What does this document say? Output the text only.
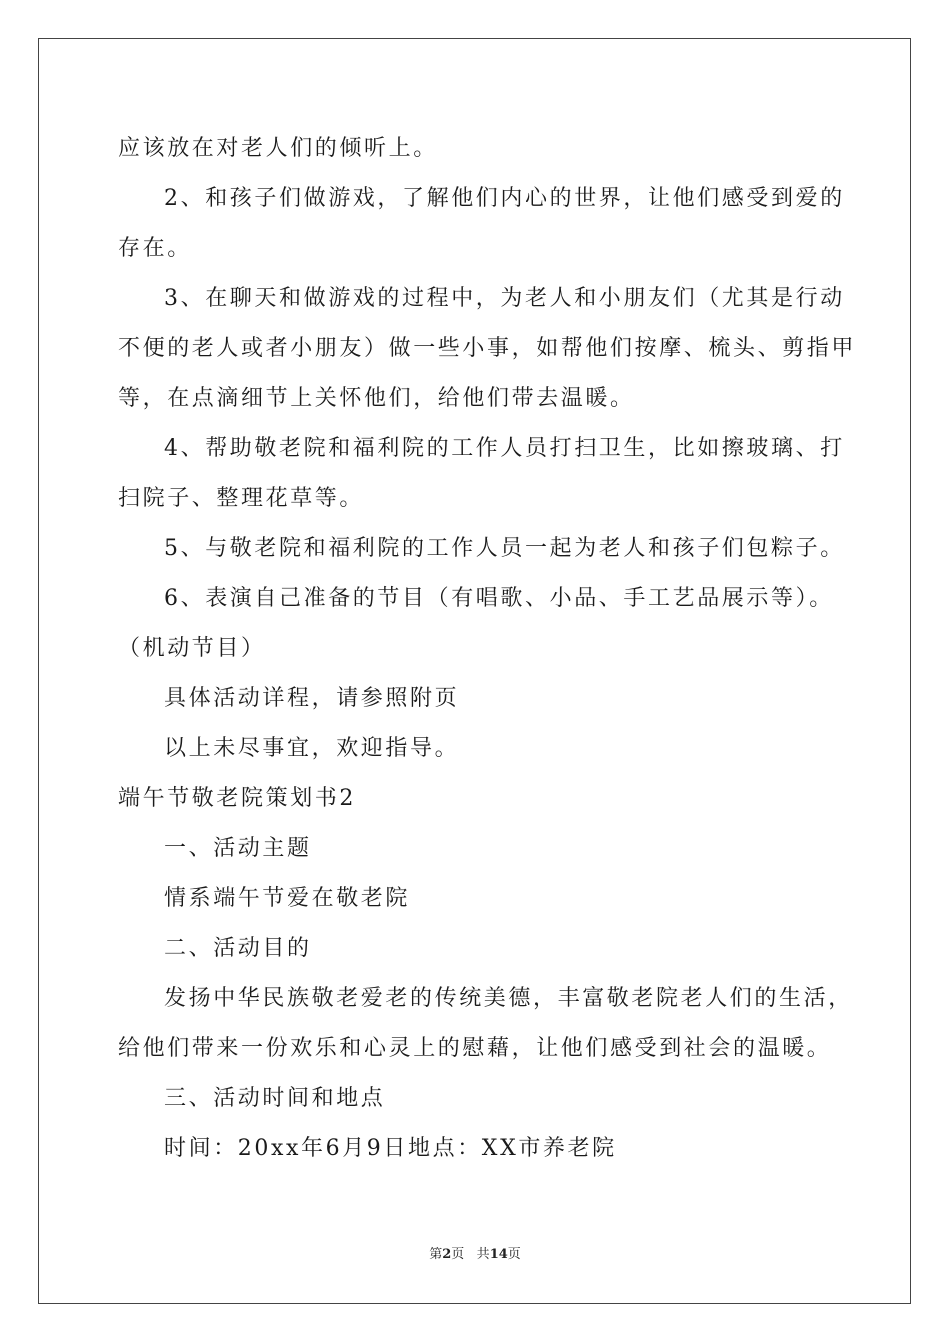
应该放在对老人们的倾听上。
2、和孩子们做游戏，了解他们内心的世界，让他们感受到爱的
存在。
3、在聊天和做游戏的过程中，为老人和小朋友们（尤其是行动
不便的老人或者小朋友）做一些小事，如帮他们按摩、梳头、剪指甲
等，在点滴细节上关怀他们，给他们带去温暖。
4、帮助敬老院和福利院的工作人员打扫卫生，比如擦玻璃、打
扫院子、整理花草等。
5、与敬老院和福利院的工作人员一起为老人和孩子们包粽子。
6、表演自己准备的节目（有唱歌、小品、手工艺品展示等）。
（机动节目）
具体活动详程，请参照附页
以上未尽事宜，欢迎指导。
端午节敬老院策划书2
一、活动主题
情系端午节爱在敬老院
二、活动目的
发扬中华民族敬老爱老的传统美德，丰富敬老院老人们的生活，
给他们带来一份欢乐和心灵上的慰藉，让他们感受到社会的温暖。
三、活动时间和地点
时间：20xx年6月9日地点：XX市养老院
第2页 共14页
